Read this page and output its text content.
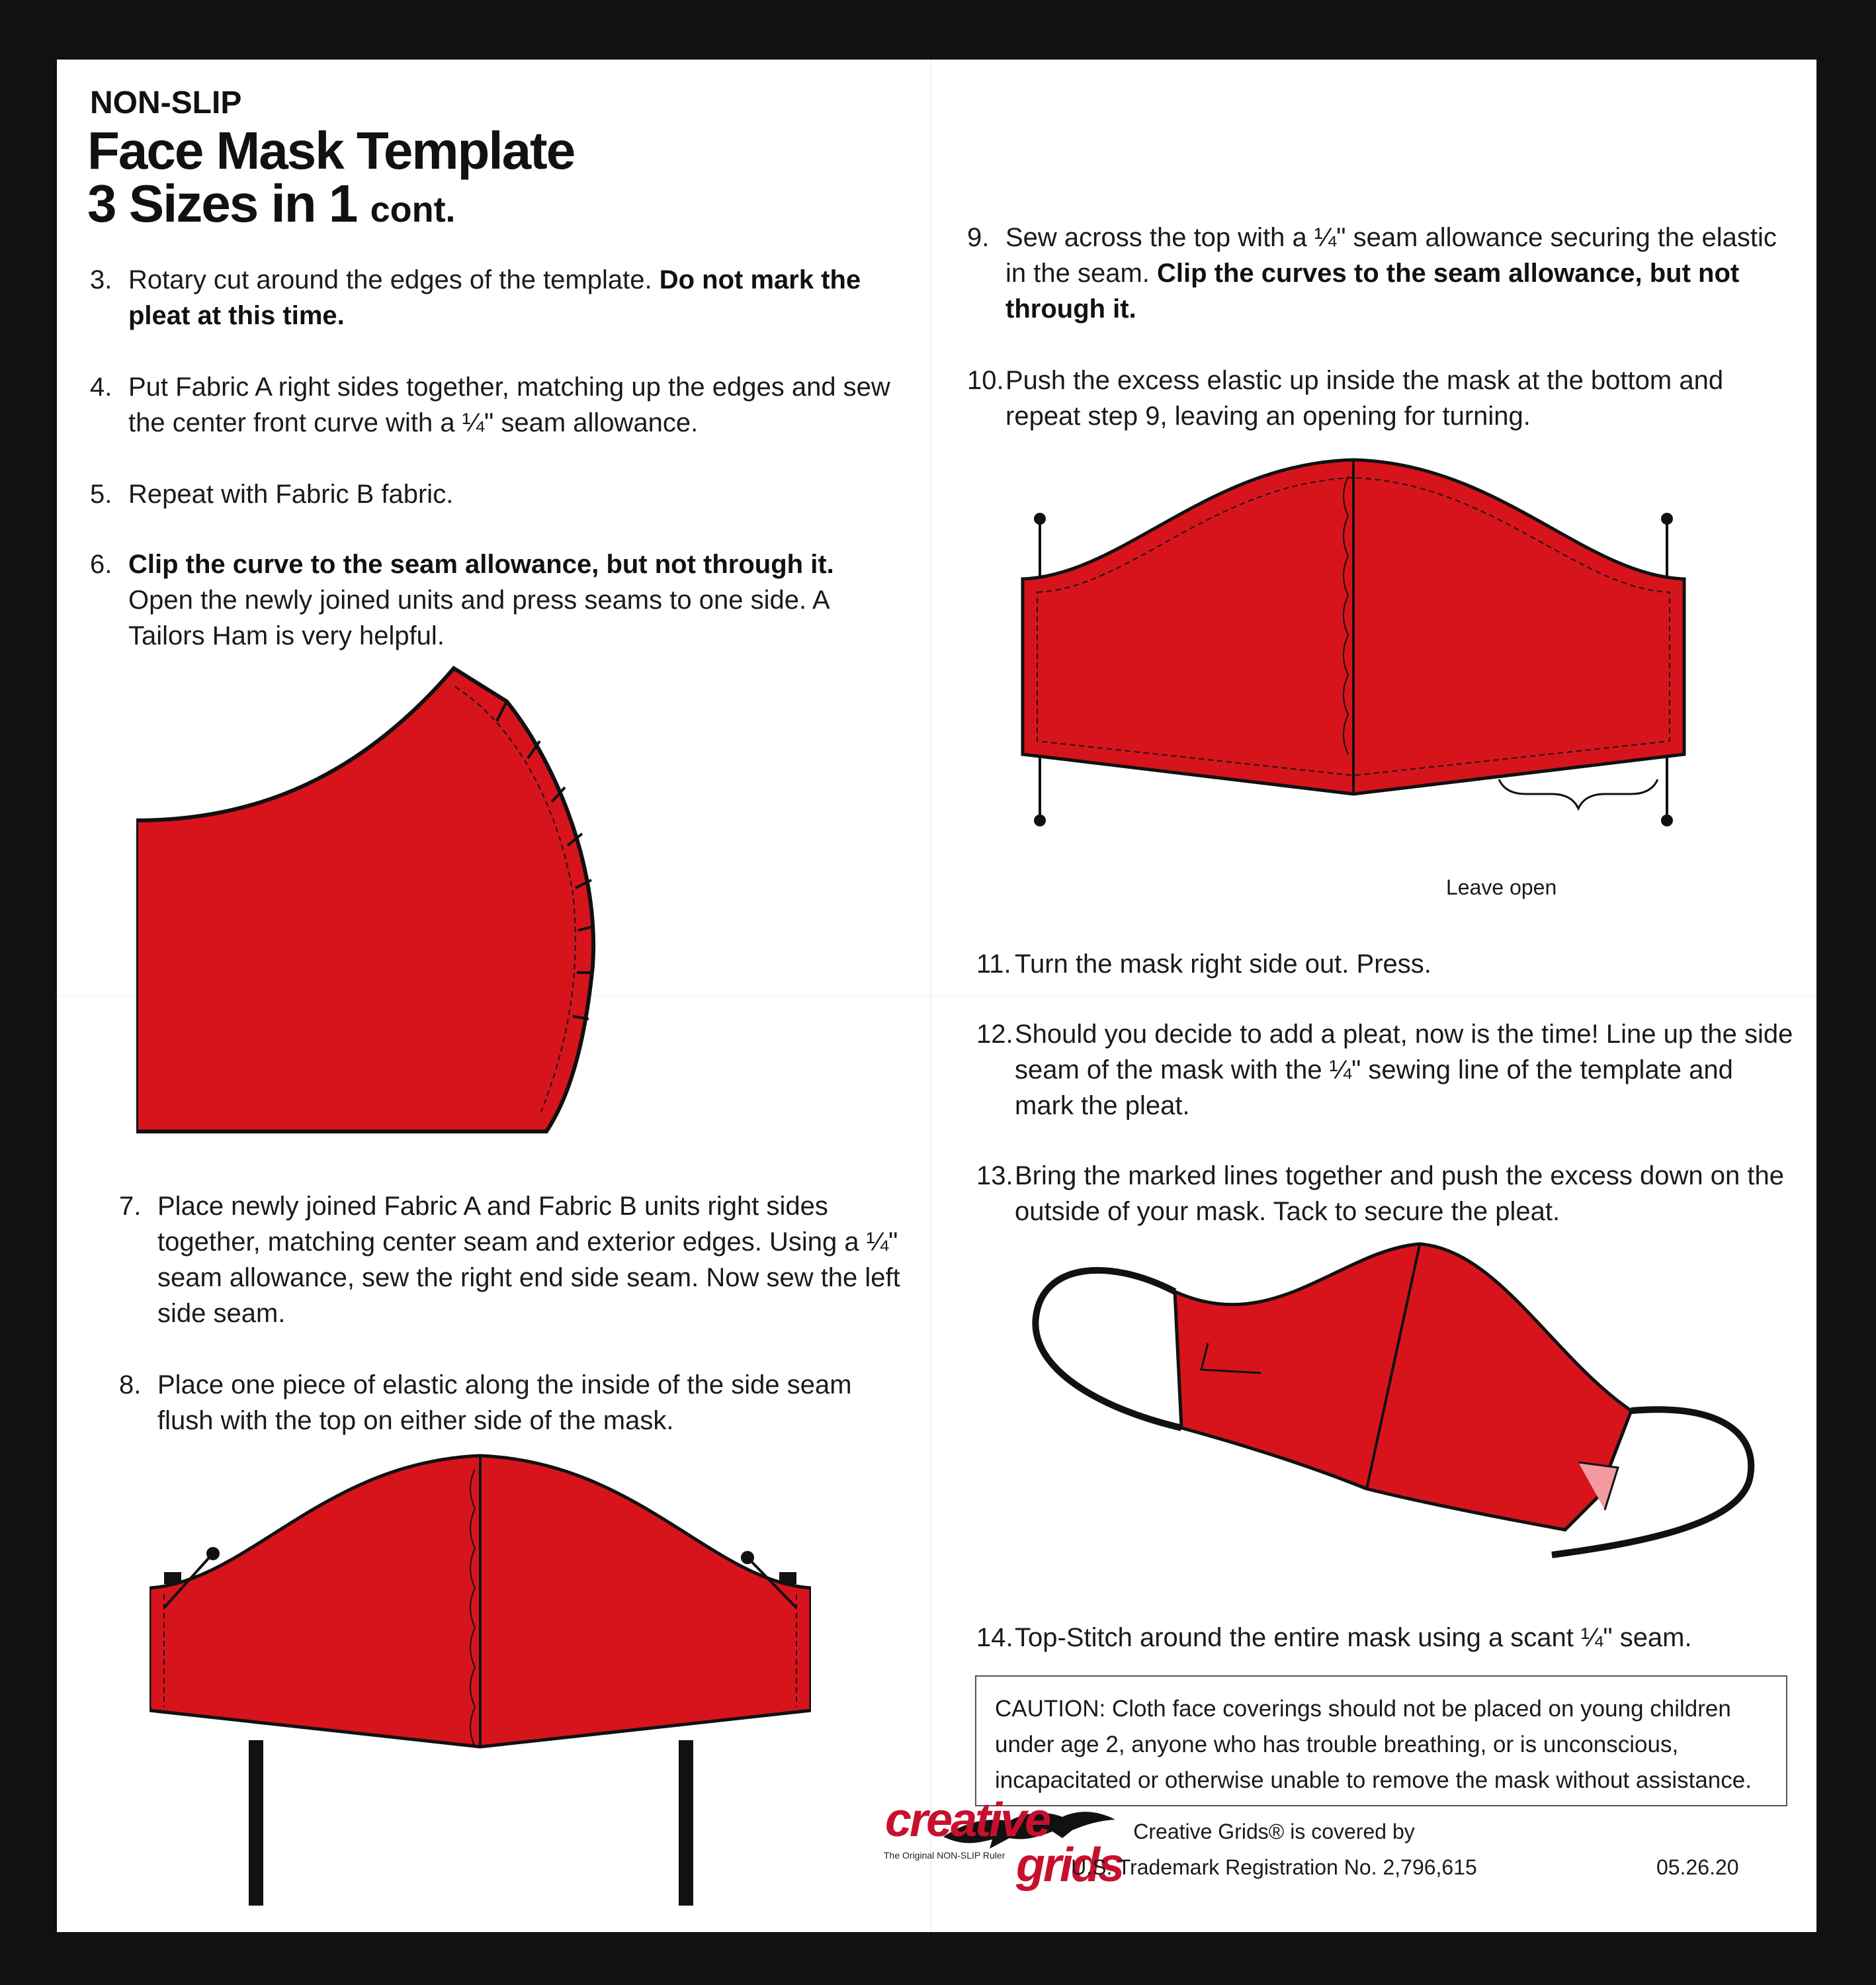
NON-SLIP
Face Mask Template
3 Sizes in 1 cont.
3. Rotary cut around the edges of the template. Do not mark the pleat at this time.
4. Put Fabric A right sides together, matching up the edges and sew the center front curve with a ¼" seam allowance.
5. Repeat with Fabric B fabric.
6. Clip the curve to the seam allowance, but not through it.
Open the newly joined units and press seams to one side. A Tailors Ham is very helpful.
7. Place newly joined Fabric A and Fabric B units right sides together, matching center seam and exterior edges. Using a ¼" seam allowance, sew the right end side seam. Now sew the left side seam.
8. Place one piece of elastic along the inside of the side seam flush with the top on either side of the mask.
9. Sew across the top with a ¼" seam allowance securing the elastic in the seam. Clip the curves to the seam allowance, but not through it.
10. Push the excess elastic up inside the mask at the bottom and repeat step 9, leaving an opening for turning.
Leave open
11. Turn the mask right side out. Press.
12. Should you decide to add a pleat, now is the time! Line up the side seam of the mask with the ¼" sewing line of the template and mark the pleat.
13. Bring the marked lines together and push the excess down on the outside of your mask. Tack to secure the pleat.
14. Top-Stitch around the entire mask using a scant ¼" seam.
CAUTION: Cloth face coverings should not be placed on young children under age 2, anyone who has trouble breathing, or is unconscious, incapacitated or otherwise unable to remove the mask without assistance.
creative
The Original NON-SLIP Ruler grids
Creative Grids® is covered by
U.S. Trademark Registration No. 2,796,615	05.26.20
